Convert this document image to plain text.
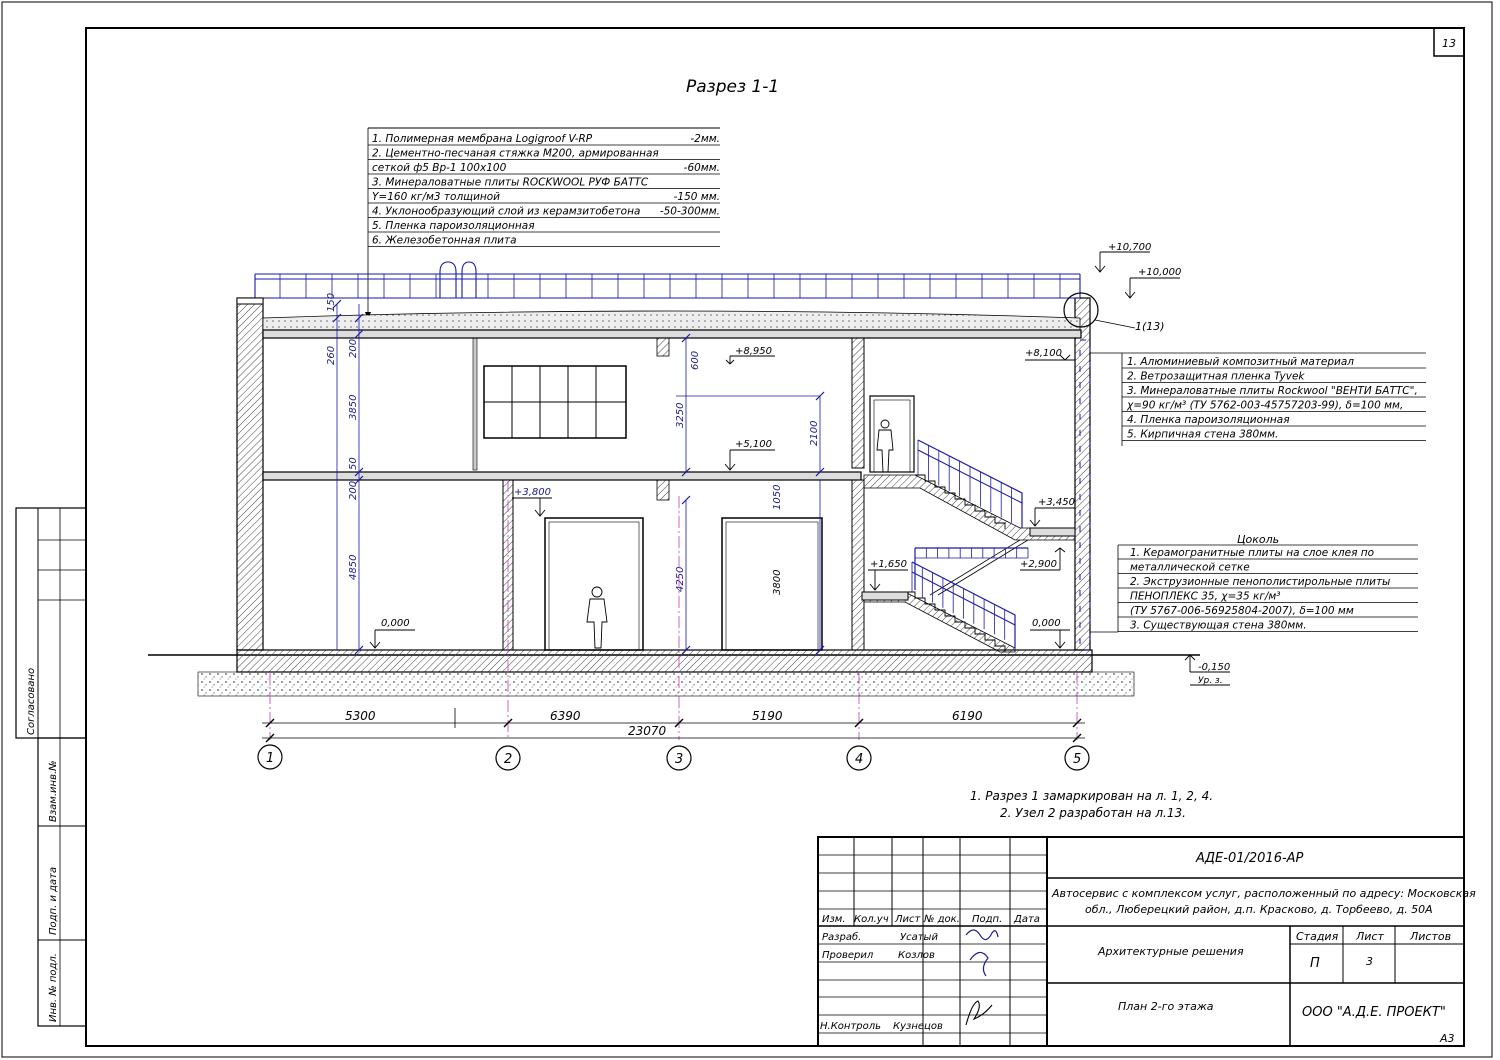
13
A3
Разрез 1-1
Согласовано
Взам.инв.№
Подп. и дата
Инв. № подл.
1. Полимерная мембрана Logigroof V-RP	-2мм.
2. Цементно-песчаная стяжка М200, армированная
сеткой ф5 Вр-1 100х100	-60мм.
3. Минераловатные плиты ROCKWOOL РУФ БАТТС
Y=160 кг/м3 толщиной	-150 мм.
4. Уклонообразующий слой из керамзитобетона -50-300мм.
5. Пленка пароизоляционная
6. Железобетонная плита
1(13)
150
200
260
3850
50
200
4850
600
3250
4250
2100
1050
3800
+10,700
+10,000
+8,950	+8,100
+5,100
+3,800
+3,450
+2,900
+1,650
0,000	0,000
-0,150
Ур. з.
1. Алюминиевый композитный материал
2. Ветрозащитная пленка Tyvek
3. Минераловатные плиты Rockwool "ВЕНТИ БАТТС",
χ=90 кг/м³ (ТУ 5762-003-45757203-99), δ=100 мм,
4. Пленка пароизоляционная
5. Кирпичная стена 380мм.
Цоколь
1. Керамогранитные плиты на слое клея по
металлической сетке
2. Экструзионные пенополистирольные плиты
ПЕНОПЛЕКС 35, χ=35 кг/м³
(ТУ 5767-006-56925804-2007), δ=100 мм
3. Существующая стена 380мм.
5300	6390	5190	6190
23070
1	2	3	4	5
1. Разрез 1 замаркирован на л. 1, 2, 4.
2. Узел 2 разработан на л.13.
АДЕ-01/2016-АР
Автосервис с комплексом услуг, расположенный по адресу: Московская
обл., Люберецкий район, д.п. Красково, д. Торбеево, д. 50А
Изм. Кол.уч Лист № док. Подп. Дата
Разраб.	Усатый
Проверил Козлов
Н.Контроль Кузнецов
Архитектурные решения
План 2-го этажа
Стадия Лист Листов
П	3
ООО "А.Д.Е. ПРОЕКТ"
